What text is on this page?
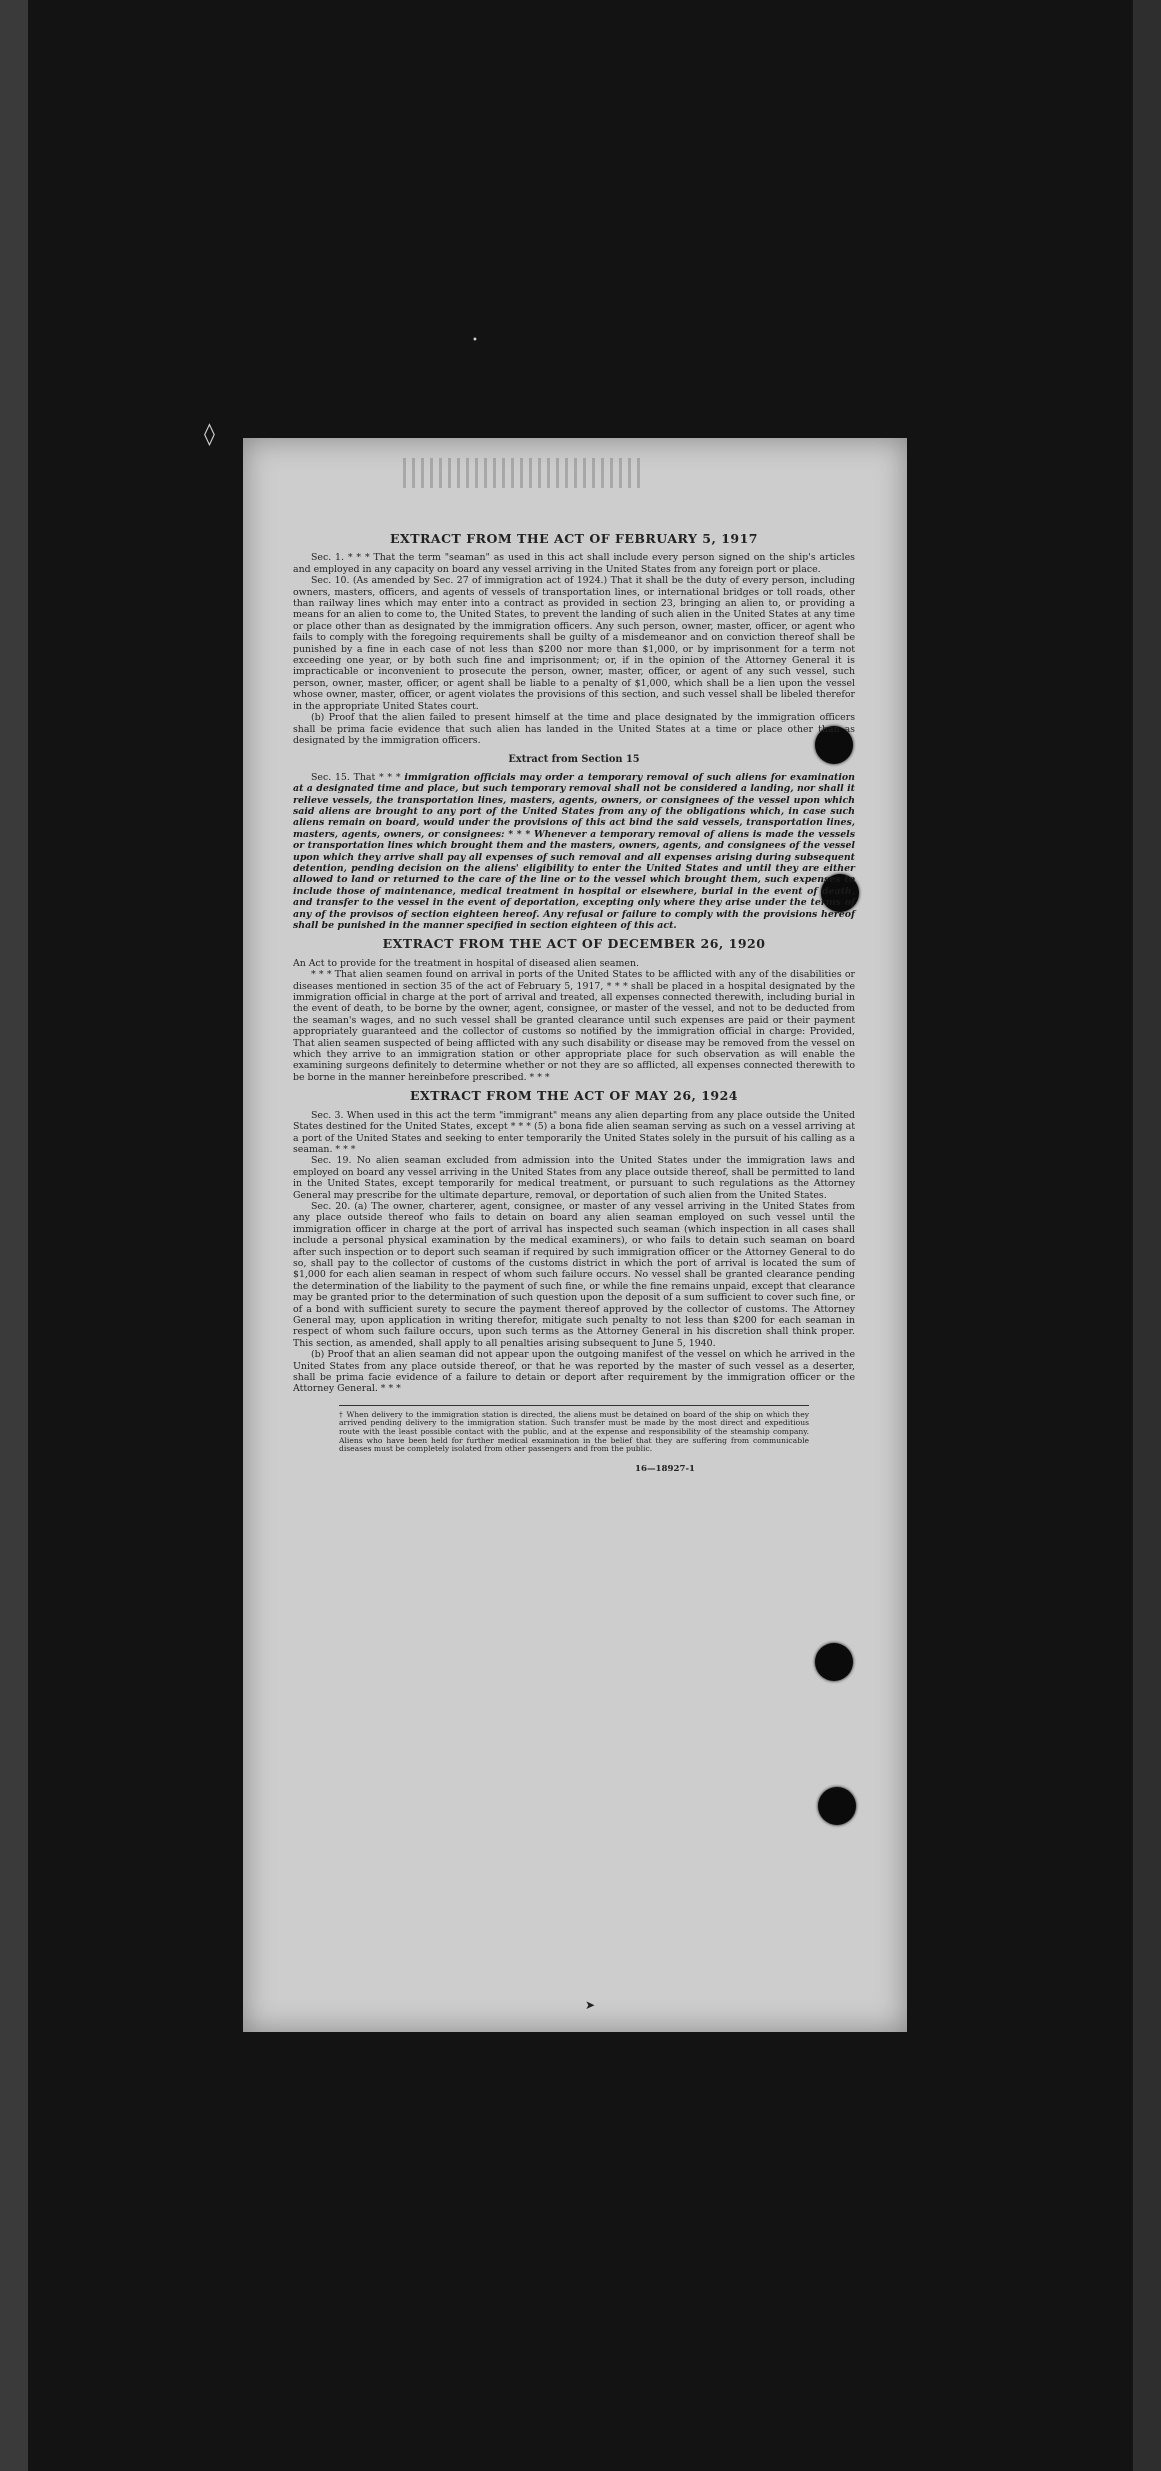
◊
•
EXTRACT FROM THE ACT OF FEBRUARY 5, 1917

Sec. 1. * * * That the term "seaman" as used in this act shall include every person signed on the ship's articles and employed in any capacity on board any vessel arriving in the United States from any foreign port or place.

Sec. 10. (As amended by Sec. 27 of immigration act of 1924.) That it shall be the duty of every person, including owners, masters, officers, and agents of vessels of transportation lines, or international bridges or toll roads, other than railway lines which may enter into a contract as provided in section 23, bringing an alien to, or providing a means for an alien to come to, the United States, to prevent the landing of such alien in the United States at any time or place other than as designated by the immigration officers. Any such person, owner, master, officer, or agent who fails to comply with the foregoing requirements shall be guilty of a misdemeanor and on conviction thereof shall be punished by a fine in each case of not less than $200 nor more than $1,000, or by imprisonment for a term not exceeding one year, or by both such fine and imprisonment; or, if in the opinion of the Attorney General it is impracticable or inconvenient to prosecute the person, owner, master, officer, or agent of any such vessel, such person, owner, master, officer, or agent shall be liable to a penalty of $1,000, which shall be a lien upon the vessel whose owner, master, officer, or agent violates the provisions of this section, and such vessel shall be libeled therefor in the appropriate United States court.

(b) Proof that the alien failed to present himself at the time and place designated by the immigration officers shall be prima facie evidence that such alien has landed in the United States at a time or place other than as designated by the immigration officers.

Extract from Section 15

Sec. 15. That * * * immigration officials may order a temporary removal of such aliens for examination at a designated time and place, but such temporary removal shall not be considered a landing, nor shall it relieve vessels, the transportation lines, masters, agents, owners, or consignees of the vessel upon which said aliens are brought to any port of the United States from any of the obligations which, in case such aliens remain on board, would under the provisions of this act bind the said vessels, transportation lines, masters, agents, owners, or consignees: * * * Whenever a temporary removal of aliens is made the vessels or transportation lines which brought them and the masters, owners, agents, and consignees of the vessel upon which they arrive shall pay all expenses of such removal and all expenses arising during subsequent detention, pending decision on the aliens' eligibility to enter the United States and until they are either allowed to land or returned to the care of the line or to the vessel which brought them, such expenses to include those of maintenance, medical treatment in hospital or elsewhere, burial in the event of death, and transfer to the vessel in the event of deportation, excepting only where they arise under the terms of any of the provisos of section eighteen hereof. Any refusal or failure to comply with the provisions hereof shall be punished in the manner specified in section eighteen of this act.

EXTRACT FROM THE ACT OF DECEMBER 26, 1920

An Act to provide for the treatment in hospital of diseased alien seamen.

* * * That alien seamen found on arrival in ports of the United States to be afflicted with any of the disabilities or diseases mentioned in section 35 of the act of February 5, 1917, * * * shall be placed in a hospital designated by the immigration official in charge at the port of arrival and treated, all expenses connected therewith, including burial in the event of death, to be borne by the owner, agent, consignee, or master of the vessel, and not to be deducted from the seaman's wages, and no such vessel shall be granted clearance until such expenses are paid or their payment appropriately guaranteed and the collector of customs so notified by the immigration official in charge: Provided, That alien seamen suspected of being afflicted with any such disability or disease may be removed from the vessel on which they arrive to an immigration station or other appropriate place for such observation as will enable the examining surgeons definitely to determine whether or not they are so afflicted, all expenses connected therewith to be borne in the manner hereinbefore prescribed. * * *

EXTRACT FROM THE ACT OF MAY 26, 1924

Sec. 3. When used in this act the term "immigrant" means any alien departing from any place outside the United States destined for the United States, except * * * (5) a bona fide alien seaman serving as such on a vessel arriving at a port of the United States and seeking to enter temporarily the United States solely in the pursuit of his calling as a seaman. * * *

Sec. 19. No alien seaman excluded from admission into the United States under the immigration laws and employed on board any vessel arriving in the United States from any place outside thereof, shall be permitted to land in the United States, except temporarily for medical treatment, or pursuant to such regulations as the Attorney General may prescribe for the ultimate departure, removal, or deportation of such alien from the United States.

Sec. 20. (a) The owner, charterer, agent, consignee, or master of any vessel arriving in the United States from any place outside thereof who fails to detain on board any alien seaman employed on such vessel until the immigration officer in charge at the port of arrival has inspected such seaman (which inspection in all cases shall include a personal physical examination by the medical examiners), or who fails to detain such seaman on board after such inspection or to deport such seaman if required by such immigration officer or the Attorney General to do so, shall pay to the collector of customs of the customs district in which the port of arrival is located the sum of $1,000 for each alien seaman in respect of whom such failure occurs. No vessel shall be granted clearance pending the determination of the liability to the payment of such fine, or while the fine remains unpaid, except that clearance may be granted prior to the determination of such question upon the deposit of a sum sufficient to cover such fine, or of a bond with sufficient surety to secure the payment thereof approved by the collector of customs. The Attorney General may, upon application in writing therefor, mitigate such penalty to not less than $200 for each seaman in respect of whom such failure occurs, upon such terms as the Attorney General in his discretion shall think proper. This section, as amended, shall apply to all penalties arising subsequent to June 5, 1940.

(b) Proof that an alien seaman did not appear upon the outgoing manifest of the vessel on which he arrived in the United States from any place outside thereof, or that he was reported by the master of such vessel as a deserter, shall be prima facie evidence of a failure to detain or deport after requirement by the immigration officer or the Attorney General. * * *

† When delivery to the immigration station is directed, the aliens must be detained on board of the ship on which they arrived pending delivery to the immigration station. Such transfer must be made by the most direct and expeditious route with the least possible contact with the public, and at the expense and responsibility of the steamship company. Aliens who have been held for further medical examination in the belief that they are suffering from communicable diseases must be completely isolated from other passengers and from the public.
16—18927-1
➤
